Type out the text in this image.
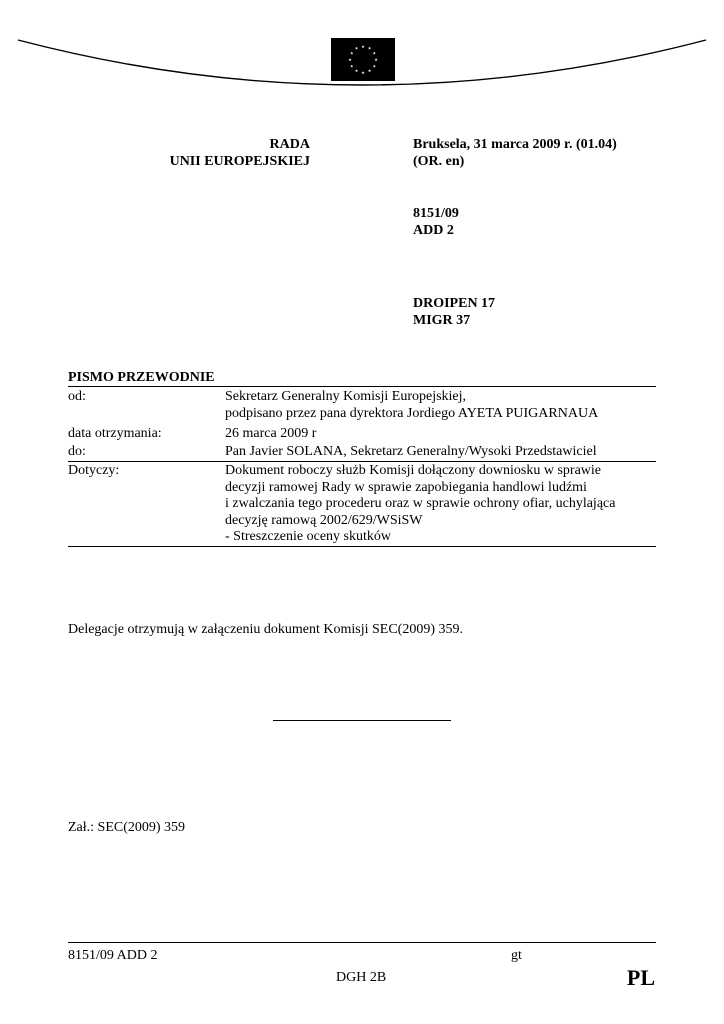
★ ★
★
★
★
★
★
★
★
★
★
★
RADA
UNII EUROPEJSKIEJ
Bruksela, 31 marca 2009 r. (01.04)
(OR. en)
8151/09
ADD 2
DROIPEN 17
MIGR 37
PISMO PRZEWODNIE
od:	Sekretarz Generalny Komisji Europejskiej,
podpisano przez pana dyrektora Jordiego AYETA PUIGARNAUA
data otrzymania:	26 marca 2009 r
do:	Pan Javier SOLANA, Sekretarz Generalny/Wysoki Przedstawiciel
Dotyczy:	Dokument roboczy służb Komisji dołączony downiosku w sprawie
decyzji ramowej Rady w sprawie zapobiegania handlowi ludźmi
i zwalczania tego procederu oraz w sprawie ochrony ofiar, uchylająca
decyzję ramową 2002/629/WSiSW
- Streszczenie oceny skutków
Delegacje otrzymują w załączeniu dokument Komisji SEC(2009) 359.
Zał.: SEC(2009) 359
8151/09 ADD 2	gt
DGH 2B	PL
